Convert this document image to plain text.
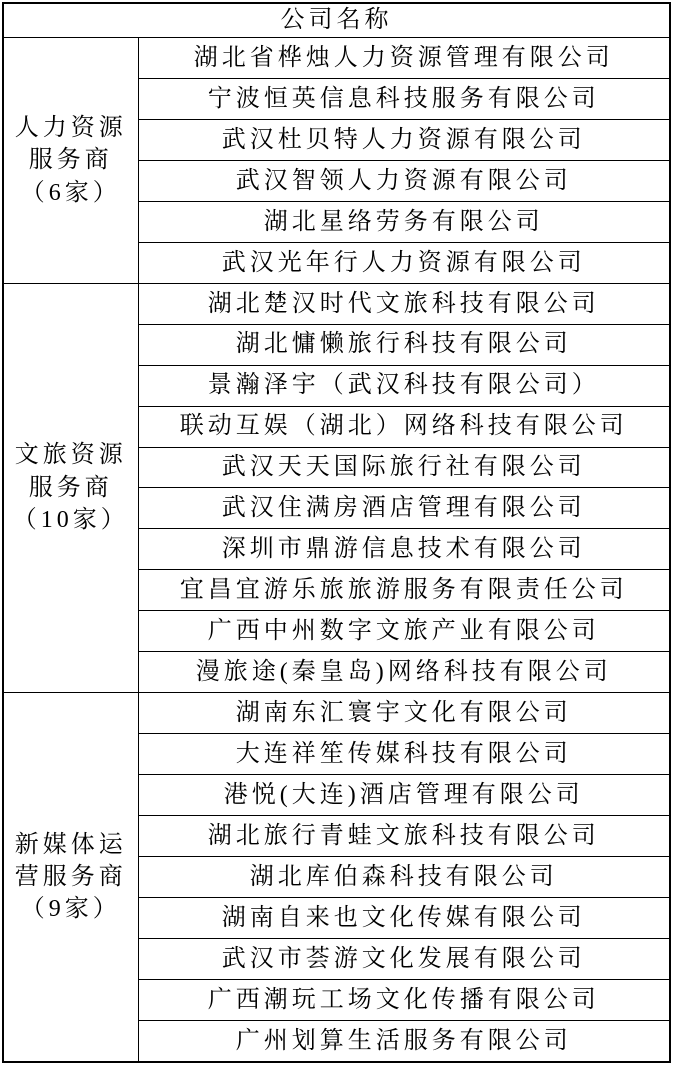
公司名称	

人力资源
服务商
（6家）	湖北省桦烛人力资源管理有限公司
	宁波恒英信息科技服务有限公司
	武汉杜贝特人力资源有限公司
	武汉智领人力资源有限公司
	湖北星络劳务有限公司
	武汉光年行人力资源有限公司

文旅资源
服务商
（10家）	湖北楚汉时代文旅科技有限公司
	湖北慵懒旅行科技有限公司
	景瀚泽宇（武汉科技有限公司）
	联动互娱（湖北）网络科技有限公司
	武汉天天国际旅行社有限公司
	武汉住满房酒店管理有限公司
	深圳市鼎游信息技术有限公司
	宜昌宜游乐旅旅游服务有限责任公司
	广西中州数字文旅产业有限公司
	漫旅途(秦皇岛)网络科技有限公司

新媒体运
营服务商
（9家）	湖南东汇寰宇文化有限公司
	大连祥笙传媒科技有限公司
	港悦(大连)酒店管理有限公司
	湖北旅行青蛙文旅科技有限公司
	湖北库伯森科技有限公司
	湖南自来也文化传媒有限公司
	武汉市荟游文化发展有限公司
	广西潮玩工场文化传播有限公司
	广州划算生活服务有限公司
